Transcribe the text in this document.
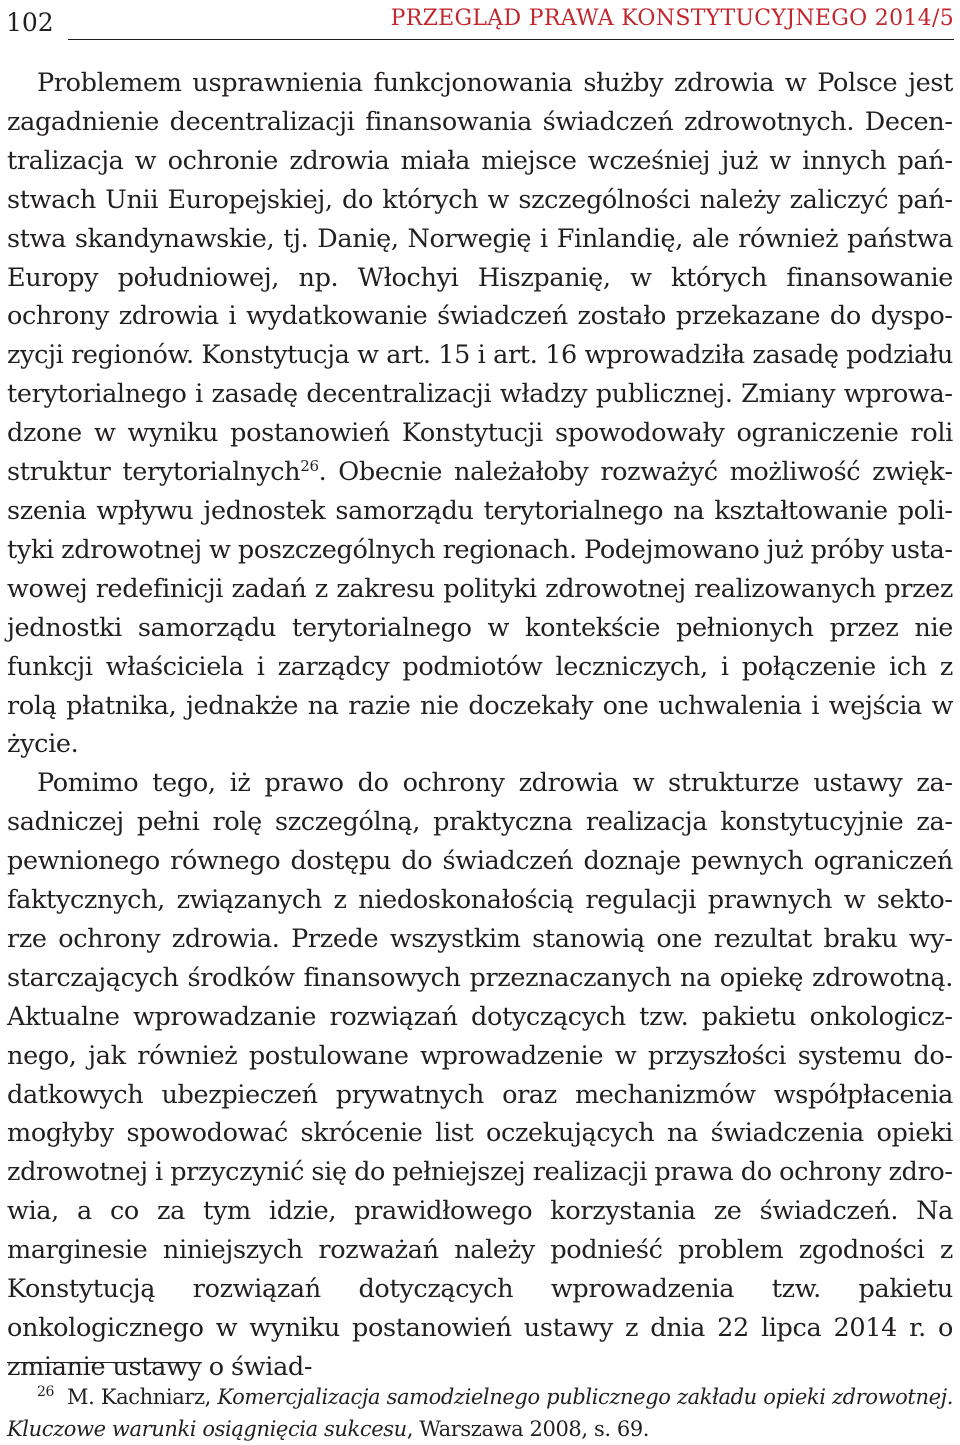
102	PRZEGLĄD PRAWA KONSTYTUCYJNEGO 2014/5

Problemem usprawnienia funkcjonowania służby zdrowia w Polsce jest zagadnienie decentralizacji finansowania świadczeń zdrowotnych. Decentralizacja w ochronie zdrowia miała miejsce wcześniej już w innych państwach Unii Europejskiej, do których w szczególności należy zaliczyć państwa skandynawskie, tj. Danię, Norwegię i Finlandię, ale również państwa Europy południowej, np. Włochyi Hiszpanię, w których finansowanie ochrony zdrowia i wydatkowanie świadczeń zostało przekazane do dyspozycji regionów. Konstytucja w art. 15 i art. 16 wprowadziła zasadę podziału terytorialnego i zasadę decentralizacji władzy publicznej. Zmiany wprowadzone w wyniku postanowień Konstytucji spowodowały ograniczenie roli struktur terytorialnych$^{26}$. Obecnie należałoby rozważyć możliwość zwiększenia wpływu jednostek samorządu terytorialnego na kształtowanie polityki zdrowotnej w poszczególnych regionach. Podejmowano już próby ustawowej redefinicji zadań z zakresu polityki zdrowotnej realizowanych przez jednostki samorządu terytorialnego w kontekście pełnionych przez nie funkcji właściciela i zarządcy podmiotów leczniczych, i połączenie ich z rolą płatnika, jednakże na razie nie doczekały one uchwalenia i wejścia w życie.

Pomimo tego, iż prawo do ochrony zdrowia w strukturze ustawy zasadniczej pełni rolę szczególną, praktyczna realizacja konstytucyjnie zapewnionego równego dostępu do świadczeń doznaje pewnych ograniczeń faktycznych, związanych z niedoskonałością regulacji prawnych w sektorze ochrony zdrowia. Przede wszystkim stanowią one rezultat braku wystarczających środków finansowych przeznaczanych na opiekę zdrowotną. Aktualne wprowadzanie rozwiązań dotyczących tzw. pakietu onkologicznego, jak również postulowane wprowadzenie w przyszłości systemu dodatkowych ubezpieczeń prywatnych oraz mechanizmów współpłacenia mogłyby spowodować skrócenie list oczekujących na świadczenia opieki zdrowotnej i przyczynić się do pełniejszej realizacji prawa do ochrony zdrowia, a co za tym idzie, prawidłowego korzystania ze świadczeń. Na marginesie niniejszych rozważań należy podnieść problem zgodności z Konstytucją rozwiązań dotyczących wprowadzenia tzw. pakietu onkologicznego w wyniku postanowień ustawy z dnia 22 lipca 2014 r. o zmianie ustawy o świad-

26 M. Kachniarz, Komercjalizacja samodzielnego publicznego zakładu opieki zdrowotnej. Kluczowe warunki osiągnięcia sukcesu, Warszawa 2008, s. 69.
